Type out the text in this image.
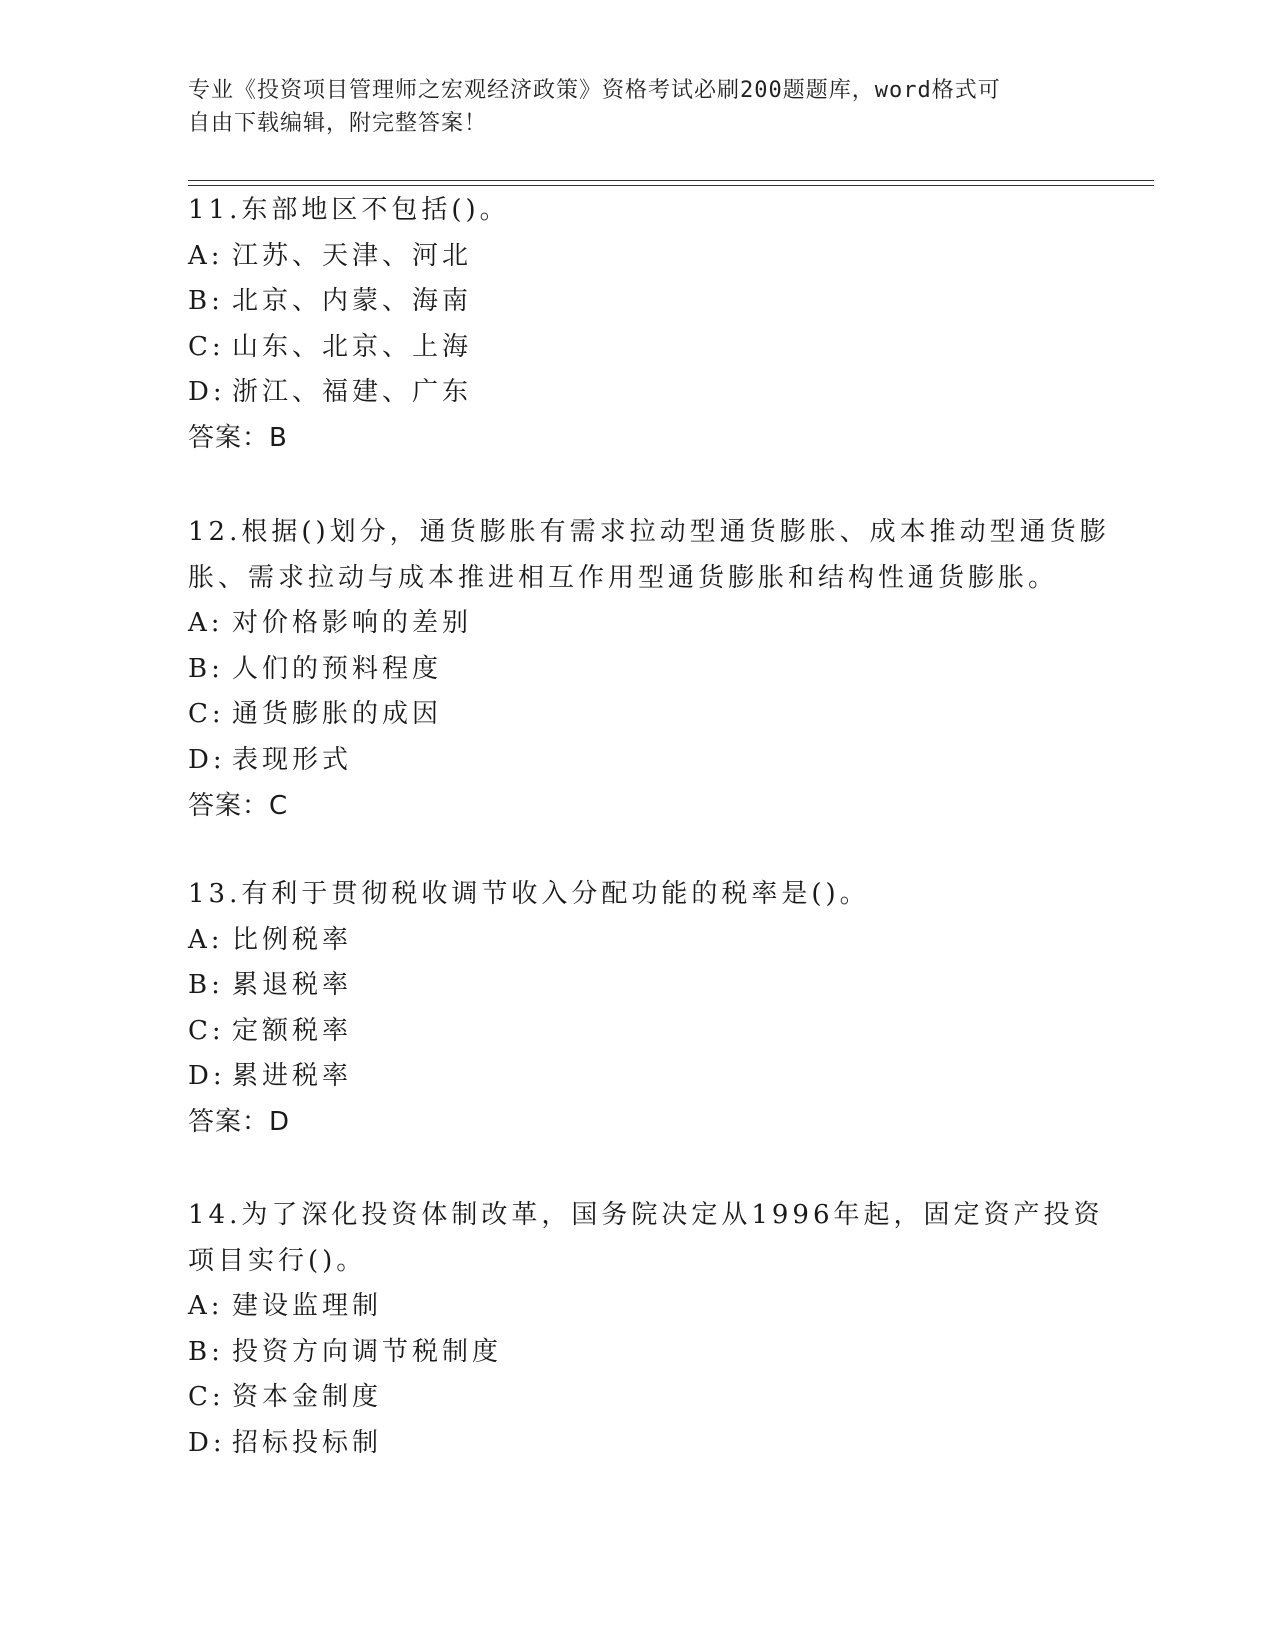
专业《投资项目管理师之宏观经济政策》资格考试必刷200题题库，word格式可
自由下载编辑，附完整答案！
11.东部地区不包括()。
A: 江苏、天津、河北
B: 北京、内蒙、海南
C: 山东、北京、上海
D: 浙江、福建、广东
答案：B
12.根据()划分，通货膨胀有需求拉动型通货膨胀、成本推动型通货膨
胀、需求拉动与成本推进相互作用型通货膨胀和结构性通货膨胀。
A: 对价格影响的差别
B: 人们的预料程度
C: 通货膨胀的成因
D: 表现形式
答案：C
13.有利于贯彻税收调节收入分配功能的税率是()。
A: 比例税率
B: 累退税率
C: 定额税率
D: 累进税率
答案：D
14.为了深化投资体制改革，国务院决定从1996年起，固定资产投资
项目实行()。
A: 建设监理制
B: 投资方向调节税制度
C: 资本金制度
D: 招标投标制
